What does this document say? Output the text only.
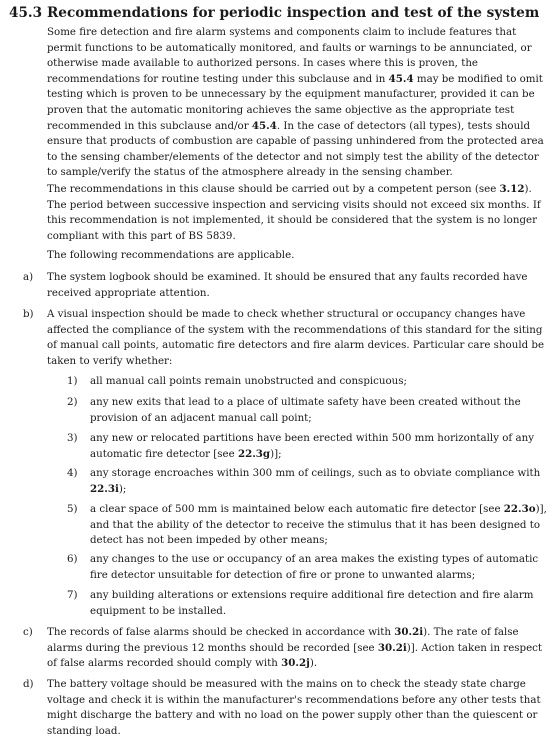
45.3 Recommendations for periodic inspection and test of the system
Some fire detection and fire alarm systems and components claim to include features that permit functions to be automatically monitored, and faults or warnings to be annunciated, or otherwise made available to authorized persons. In cases where this is proven, the recommendations for routine testing under this subclause and in 45.4 may be modified to omit testing which is proven to be unnecessary by the equipment manufacturer, provided it can be proven that the automatic monitoring achieves the same objective as the appropriate test recommended in this subclause and/or 45.4. In the case of detectors (all types), tests should ensure that products of combustion are capable of passing unhindered from the protected area to the sensing chamber/elements of the detector and not simply test the ability of the detector to sample/verify the status of the atmosphere already in the sensing chamber.
The recommendations in this clause should be carried out by a competent person (see 3.12). The period between successive inspection and servicing visits should not exceed six months. If this recommendation is not implemented, it should be considered that the system is no longer compliant with this part of BS 5839.
The following recommendations are applicable.
a) The system logbook should be examined. It should be ensured that any faults recorded have received appropriate attention.
b) A visual inspection should be made to check whether structural or occupancy changes have affected the compliance of the system with the recommendations of this standard for the siting of manual call points, automatic fire detectors and fire alarm devices. Particular care should be taken to verify whether:
1) all manual call points remain unobstructed and conspicuous;
2) any new exits that lead to a place of ultimate safety have been created without the provision of an adjacent manual call point;
3) any new or relocated partitions have been erected within 500 mm horizontally of any automatic fire detector [see 22.3g)];
4) any storage encroaches within 300 mm of ceilings, such as to obviate compliance with 22.3i);
5) a clear space of 500 mm is maintained below each automatic fire detector [see 22.3o)], and that the ability of the detector to receive the stimulus that it has been designed to detect has not been impeded by other means;
6) any changes to the use or occupancy of an area makes the existing types of automatic fire detector unsuitable for detection of fire or prone to unwanted alarms;
7) any building alterations or extensions require additional fire detection and fire alarm equipment to be installed.
c) The records of false alarms should be checked in accordance with 30.2i). The rate of false alarms during the previous 12 months should be recorded [see 30.2i)]. Action taken in respect of false alarms recorded should comply with 30.2j).
d) The battery voltage should be measured with the mains on to check the steady state charge voltage and check it is within the manufacturer's recommendations before any other tests that might discharge the battery and with no load on the power supply other than the quiescent or standing load.
